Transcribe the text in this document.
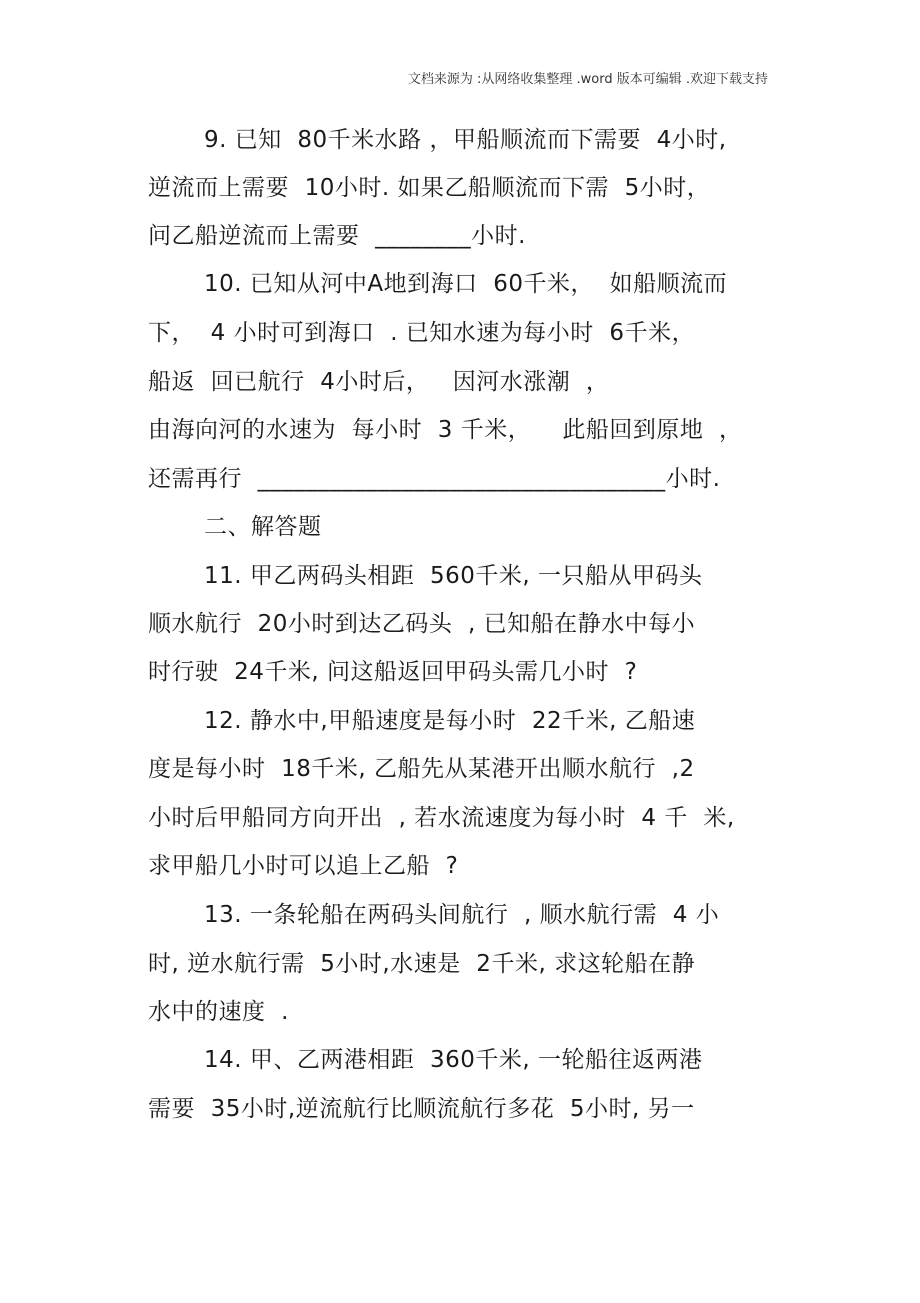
文档来源为 :从网络收集整理 .word 版本可编辑 .欢迎下载支持
9. 已知  80千米水路 ，甲船顺流而下需要  4小时,
逆流而上需要  10小时. 如果乙船顺流而下需  5小时，
问乙船逆流而上需要  ________小时.
10. 已知从河中A地到海口  60千米，  如船顺流而
下，  4 小时可到海口  . 已知水速为每小时  6千米，
船返  回已航行  4小时后，   因河水涨潮  ，
由海向河的水速为  每小时  3 千米，    此船回到原地  ，
还需再行  __________________________________小时.
二、解答题
11. 甲乙两码头相距  560千米, 一只船从甲码头
顺水航行  20小时到达乙码头  , 已知船在静水中每小
时行驶  24千米, 问这船返回甲码头需几小时  ?
12. 静水中,甲船速度是每小时  22千米, 乙船速
度是每小时  18千米, 乙船先从某港开出顺水航行  ,2
小时后甲船同方向开出  , 若水流速度为每小时  4 千  米,
求甲船几小时可以追上乙船  ?
13. 一条轮船在两码头间航行  , 顺水航行需  4 小
时, 逆水航行需  5小时,水速是  2千米, 求这轮船在静
水中的速度  .
14. 甲、乙两港相距  360千米, 一轮船往返两港
需要  35小时,逆流航行比顺流航行多花  5小时, 另一
